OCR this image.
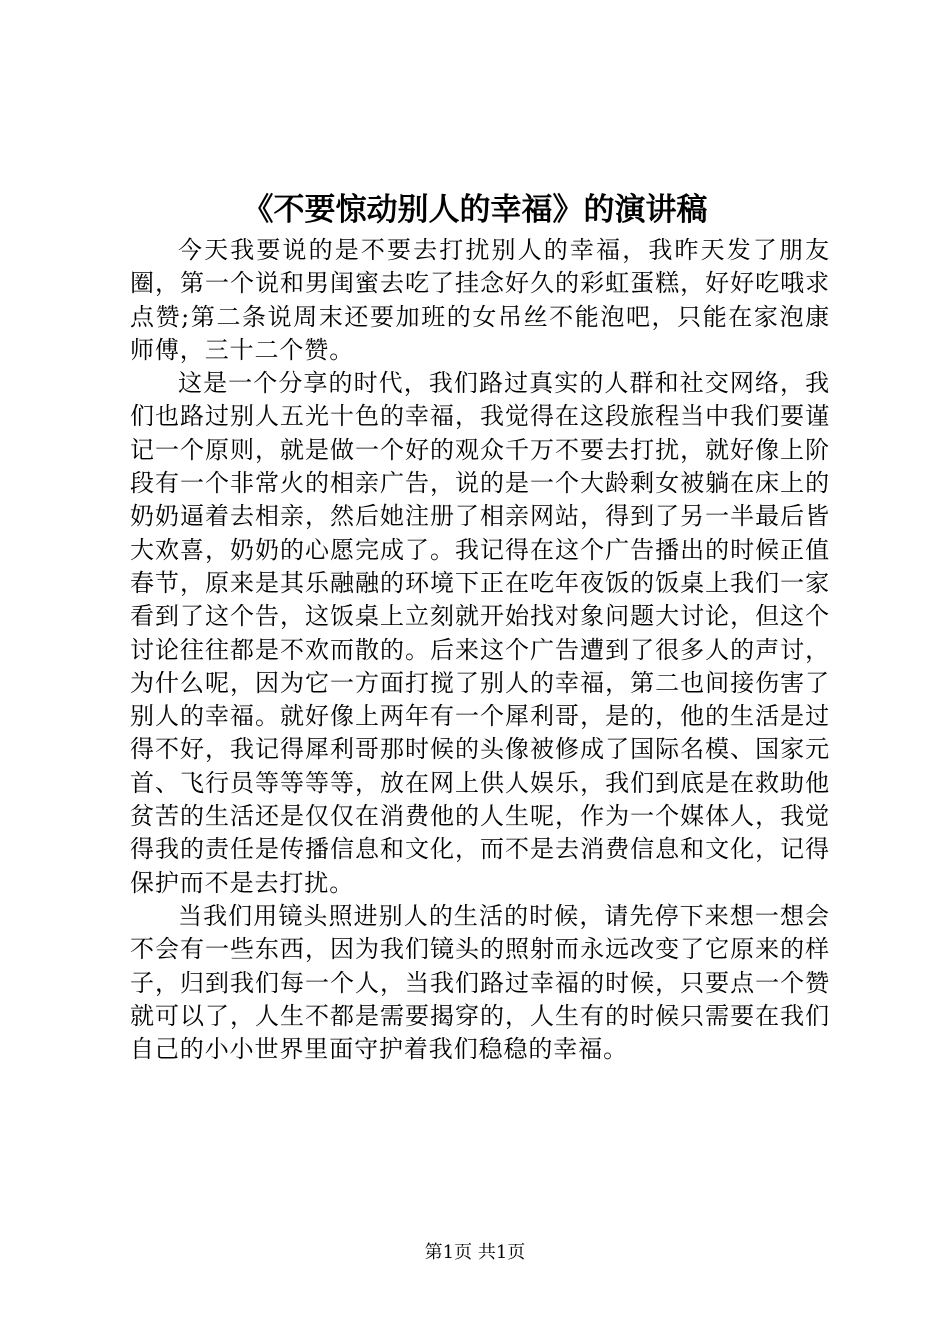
《不要惊动别人的幸福》的演讲稿

今天我要说的是不要去打扰别人的幸福，我昨天发了朋友圈，第一个说和男闺蜜去吃了挂念好久的彩虹蛋糕，好好吃哦求点赞;第二条说周末还要加班的女吊丝不能泡吧，只能在家泡康师傅，三十二个赞。

这是一个分享的时代，我们路过真实的人群和社交网络，我们也路过别人五光十色的幸福，我觉得在这段旅程当中我们要谨记一个原则，就是做一个好的观众千万不要去打扰，就好像上阶段有一个非常火的相亲广告，说的是一个大龄剩女被躺在床上的奶奶逼着去相亲，然后她注册了相亲网站，得到了另一半最后皆大欢喜，奶奶的心愿完成了。我记得在这个广告播出的时候正值春节，原来是其乐融融的环境下正在吃年夜饭的饭桌上我们一家看到了这个告，这饭桌上立刻就开始找对象问题大讨论，但这个讨论往往都是不欢而散的。后来这个广告遭到了很多人的声讨，为什么呢，因为它一方面打搅了别人的幸福，第二也间接伤害了别人的幸福。就好像上两年有一个犀利哥，是的，他的生活是过得不好，我记得犀利哥那时候的头像被修成了国际名模、国家元首、飞行员等等等等，放在网上供人娱乐，我们到底是在救助他贫苦的生活还是仅仅在消费他的人生呢，作为一个媒体人，我觉得我的责任是传播信息和文化，而不是去消费信息和文化，记得保护而不是去打扰。

当我们用镜头照进别人的生活的时候，请先停下来想一想会不会有一些东西，因为我们镜头的照射而永远改变了它原来的样子，归到我们每一个人，当我们路过幸福的时候，只要点一个赞就可以了，人生不都是需要揭穿的，人生有的时候只需要在我们自己的小小世界里面守护着我们稳稳的幸福。

第1页 共1页
